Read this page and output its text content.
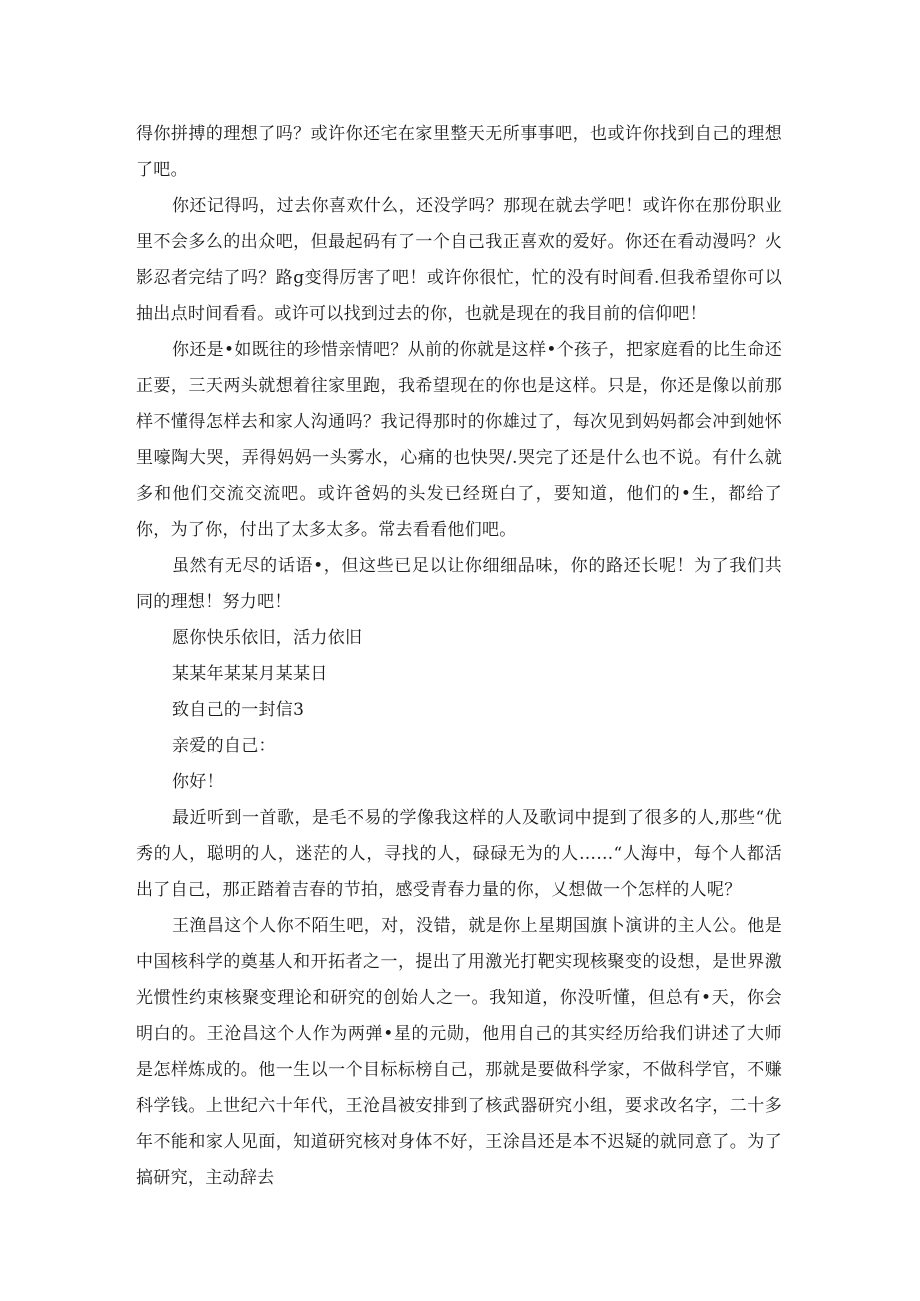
得你拼搏的理想了吗？或许你还宅在家里整天无所事事吧，也或许你找到自己的理想了吧。

你还记得吗，过去你喜欢什么，还没学吗？那现在就去学吧！或许你在那份职业里不会多么的出众吧，但最起码有了一个自己我正喜欢的爱好。你还在看动漫吗？火影忍者完结了吗？路g变得厉害了吧！或许你很忙，忙的没有时间看.但我希望你可以抽出点时间看看。或许可以找到过去的你，也就是现在的我目前的信仰吧！

你还是•如既往的珍惜亲情吧？从前的你就是这样•个孩子，把家庭看的比生命还正要，三天两头就想着往家里跑，我希望现在的你也是这样。只是，你还是像以前那样不懂得怎样去和家人沟通吗？我记得那时的你雄过了，每次见到妈妈都会冲到她怀里嚎陶大哭，弄得妈妈一头雾水，心痛的也快哭/.哭完了还是什么也不说。有什么就多和他们交流交流吧。或许爸妈的头发已经斑白了，要知道，他们的•生，都给了你，为了你，付出了太多太多。常去看看他们吧。

虽然有无尽的话语•，但这些已足以让你细细品味，你的路还长呢！为了我们共同的理想！努力吧！

愿你快乐依旧，活力依旧

某某年某某月某某日

致自己的一封信3

亲爱的自己：

你好！

最近听到一首歌，是毛不易的学像我这样的人及歌词中提到了很多的人,那些“优秀的人，聪明的人，迷茫的人，寻找的人，碌碌无为的人……“人海中，每个人都活出了自己，那正踏着吉春的节拍，感受青春力量的你，乂想做一个怎样的人呢？

王渔昌这个人你不陌生吧，对，没错，就是你上星期国旗卜演讲的主人公。他是中国核科学的奠基人和开拓者之一，提出了用激光打靶实现核聚变的设想，是世界激光惯性约束核聚变理论和研究的创始人之一。我知道，你没听懂，但总有•天，你会明白的。王沧昌这个人作为两弹•星的元勋，他用自己的其实经历给我们讲述了大师是怎样炼成的。他一生以一个目标标榜自己，那就是要做科学家，不做科学官，不赚科学钱。上世纪六十年代，王沧昌被安排到了核武器研究小组，要求改名字，二十多年不能和家人见面，知道研究核对身体不好，王涂昌还是本不迟疑的就同意了。为了搞研究，主动辞去
